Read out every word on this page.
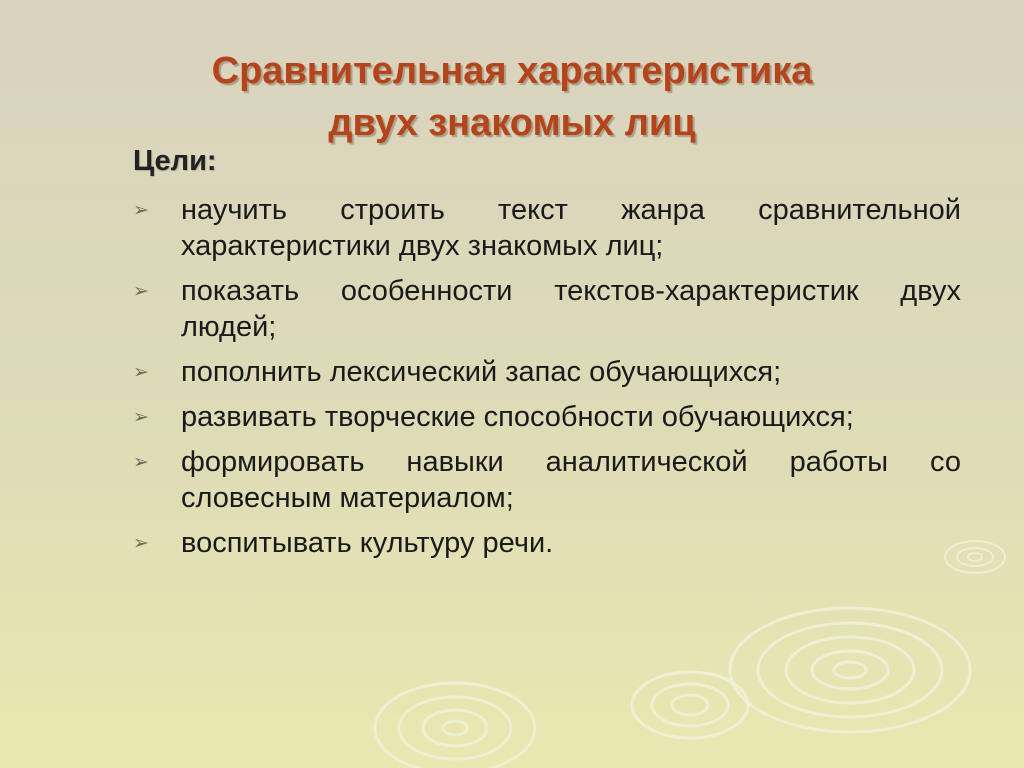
Сравнительная характеристика
двух знакомых лиц
Цели:
➢ научить строить текст жанра сравнительной характеристики двух знакомых лиц;
➢ показать особенности текстов-характеристик двух людей;
➢ пополнить лексический запас обучающихся;
➢ развивать творческие способности обучающихся;
➢ формировать навыки аналитической работы со словесным материалом;
➢ воспитывать культуру речи.
